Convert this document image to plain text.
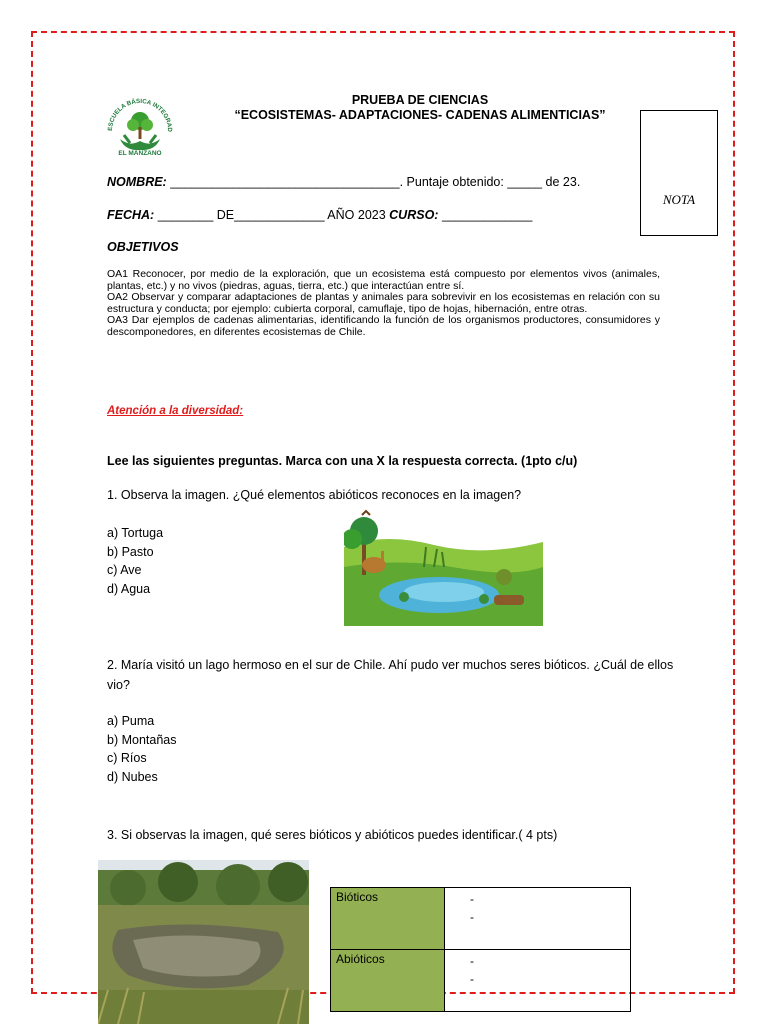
ESCUELA BÁSICA INTEGRAD
EL MANZANO
PRUEBA DE CIENCIAS
“ECOSISTEMAS- ADAPTACIONES- CADENAS ALIMENTICIAS”
NOTA
NOMBRE: _________________________________. Puntaje obtenido: _____ de 23.
FECHA: ________ DE_____________ AÑO 2023 CURSO: _____________
OBJETIVOS
OA1 Reconocer, por medio de la exploración, que un ecosistema está compuesto por elementos vivos (animales, plantas, etc.) y no vivos (piedras, aguas, tierra, etc.) que interactúan entre sí.
OA2 Observar y comparar adaptaciones de plantas y animales para sobrevivir en los ecosistemas en relación con su estructura y conducta; por ejemplo: cubierta corporal, camuflaje, tipo de hojas, hibernación, entre otras.
OA3 Dar ejemplos de cadenas alimentarias, identificando la función de los organismos productores, consumidores y descomponedores, en diferentes ecosistemas de Chile.
Atención a la diversidad:
Lee las siguientes preguntas. Marca con una X la respuesta correcta. (1pto c/u)
1. Observa la imagen. ¿Qué elementos abióticos reconoces en la imagen?
a) Tortuga
b) Pasto
c) Ave
d) Agua
2. María visitó un lago hermoso en el sur de Chile. Ahí pudo ver muchos seres bióticos. ¿Cuál de ellos vio?
a) Puma
b) Montañas
c) Ríos
d) Nubes
3. Si observas la imagen, qué seres bióticos y abióticos puedes identificar.( 4 pts)
Bióticos	-
-

Abióticos	-
-
